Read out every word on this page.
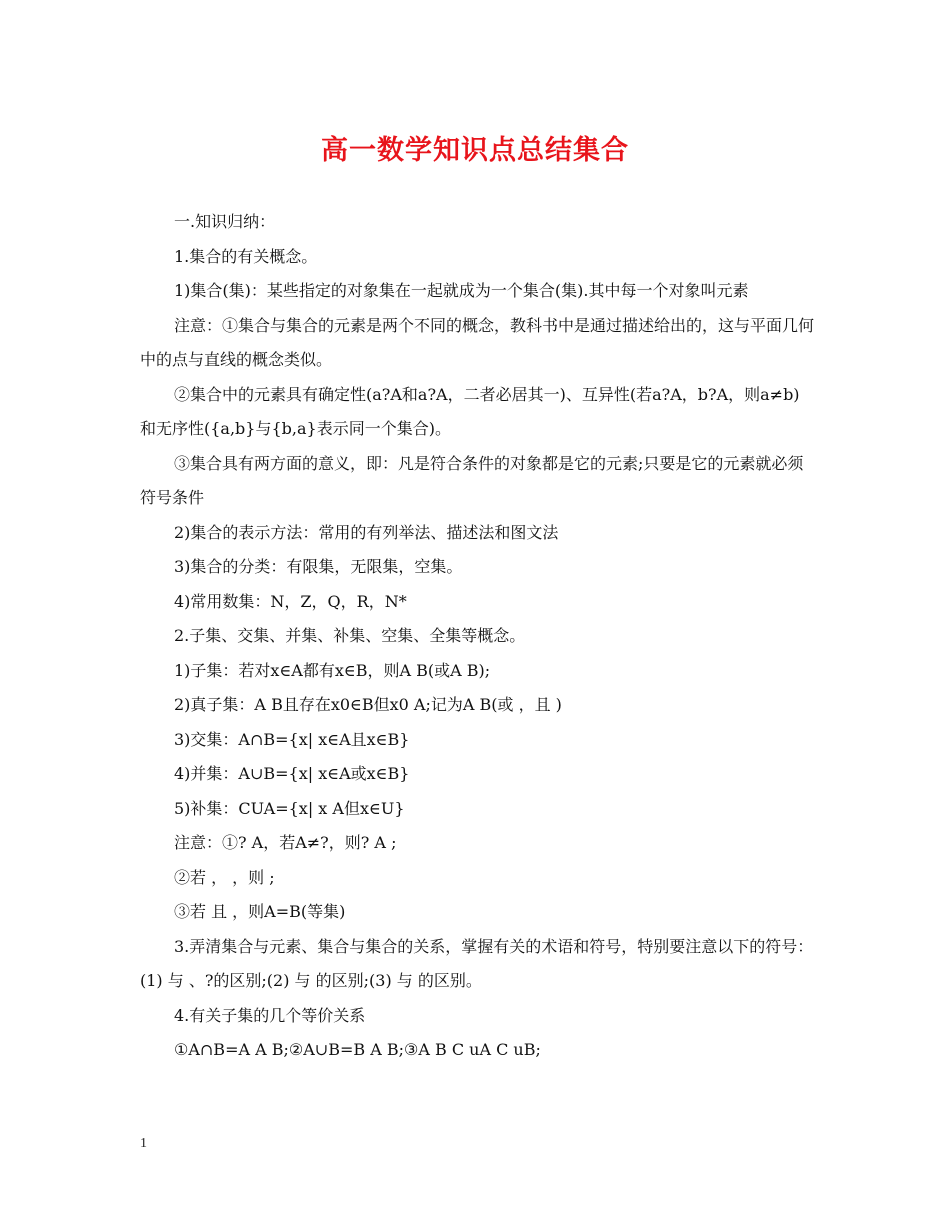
高一数学知识点总结集合

一.知识归纳：

1.集合的有关概念。

1)集合(集)：某些指定的对象集在一起就成为一个集合(集).其中每一个对象叫元素

注意：①集合与集合的元素是两个不同的概念，教科书中是通过描述给出的，这与平面几何中的点与直线的概念类似。

②集合中的元素具有确定性(a?A和a?A，二者必居其一)、互异性(若a?A，b?A，则a≠b)和无序性({a,b}与{b,a}表示同一个集合)。

③集合具有两方面的意义，即：凡是符合条件的对象都是它的元素;只要是它的元素就必须符号条件

2)集合的表示方法：常用的有列举法、描述法和图文法

3)集合的分类：有限集，无限集，空集。

4)常用数集：N，Z，Q，R，N*

2.子集、交集、并集、补集、空集、全集等概念。

1)子集：若对x∈A都有x∈B，则A B(或A B);

2)真子集：A B且存在x0∈B但x0 A;记为A B(或 ，且 )

3)交集：A∩B={x| x∈A且x∈B}

4)并集：A∪B={x| x∈A或x∈B}

5)补集：CUA={x| x A但x∈U}

注意：①? A，若A≠?，则? A ;

②若 ， ，则 ;

③若 且 ，则A=B(等集)

3.弄清集合与元素、集合与集合的关系，掌握有关的术语和符号，特别要注意以下的符号：(1) 与 、?的区别;(2) 与 的区别;(3) 与 的区别。

4.有关子集的几个等价关系

①A∩B=A A B;②A∪B=B A B;③A B C uA C uB;

1
